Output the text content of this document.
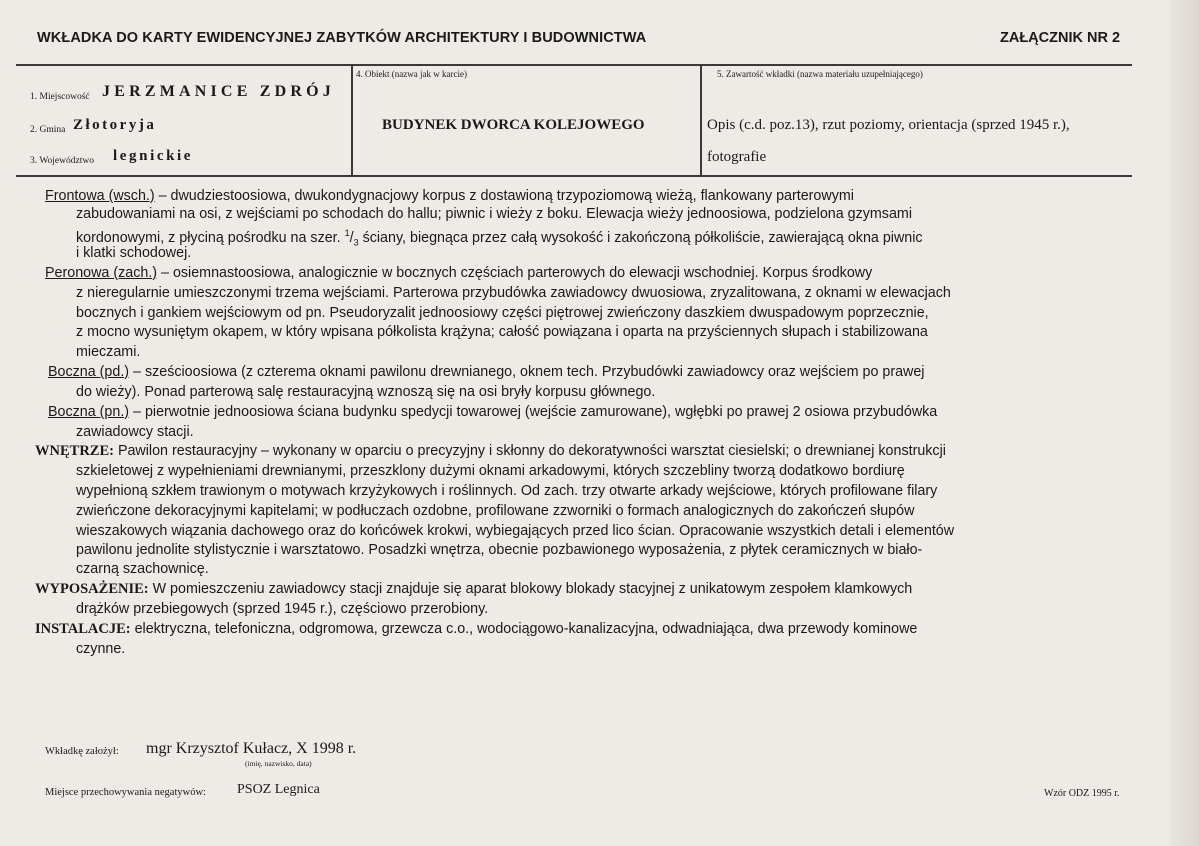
WKŁADKA DO KARTY EWIDENCYJNEJ ZABYTKÓW ARCHITEKTURY I BUDOWNICTWA	ZAŁĄCZNIK NR 2
1. Miejscowość JERZMANICE ZDRÓJ
2. Gmina Złotoryja
3. Województwo legnickie
4. Obiekt (nazwa jak w karcie)
BUDYNEK DWORCA KOLEJOWEGO
5. Zawartość wkładki (nazwa materiału uzupełniającego)
Opis (c.d. poz.13), rzut poziomy, orientacja (sprzed 1945 r.),
fotografie
Frontowa (wsch.) – dwudziestoosiowa, dwukondygnacjowy korpus z dostawioną trzypoziomową wieżą, flankowany parterowymi
zabudowaniami na osi, z wejściami po schodach do hallu; piwnic i wieży z boku. Elewacja wieży jednoosiowa, podzielona gzymsami
kordonowymi, z płyciną pośrodku na szer. $^1/_3$ ściany, biegnąca przez całą wysokość i zakończoną półkoliście, zawierającą okna piwnic
i klatki schodowej.
Peronowa (zach.) – osiemnastoosiowa, analogicznie w bocznych częściach parterowych do elewacji wschodniej. Korpus środkowy
z nieregularnie umieszczonymi trzema wejściami. Parterowa przybudówka zawiadowcy dwuosiowa, zryzalitowana, z oknami w elewacjach
bocznych i gankiem wejściowym od pn. Pseudoryzalit jednoosiowy części piętrowej zwieńczony daszkiem dwuspadowym poprzecznie,
z mocno wysuniętym okapem, w który wpisana półkolista krążyna; całość powiązana i oparta na przyściennych słupach i stabilizowana
mieczami.
Boczna (pd.) – sześcioosiowa (z czterema oknami pawilonu drewnianego, oknem tech. Przybudówki zawiadowcy oraz wejściem po prawej
do wieży). Ponad parterową salę restauracyjną wznoszą się na osi bryły korpusu głównego.
Boczna (pn.) – pierwotnie jednoosiowa ściana budynku spedycji towarowej (wejście zamurowane), wgłębki po prawej 2 osiowa przybudówka
zawiadowcy stacji.
WNĘTRZE: Pawilon restauracyjny – wykonany w oparciu o precyzyjny i skłonny do dekoratywności warsztat ciesielski; o drewnianej konstrukcji
szkieletowej z wypełnieniami drewnianymi, przeszklony dużymi oknami arkadowymi, których szczebliny tworzą dodatkowo bordiurę
wypełnioną szkłem trawionym o motywach krzyżykowych i roślinnych. Od zach. trzy otwarte arkady wejściowe, których profilowane filary
zwieńczone dekoracyjnymi kapitelami; w podłuczach ozdobne, profilowane zzworniki o formach analogicznych do zakończeń słupów
wieszakowych wiązania dachowego oraz do końcówek krokwi, wybiegających przed lico ścian. Opracowanie wszystkich detali i elementów
pawilonu jednolite stylistycznie i warsztatowo. Posadzki wnętrza, obecnie pozbawionego wyposażenia, z płytek ceramicznych w biało-
czarną szachownicę.
WYPOSAŻENIE: W pomieszczeniu zawiadowcy stacji znajduje się aparat blokowy blokady stacyjnej z unikatowym zespołem klamkowych
drążków przebiegowych (sprzed 1945 r.), częściowo przerobiony.
INSTALACJE: elektryczna, telefoniczna, odgromowa, grzewcza c.o., wodociągowo-kanalizacyjna, odwadniająca, dwa przewody kominowe
czynne.
Wkładkę założył: mgr Krzysztof Kułacz, X 1998 r.
(imię, nazwisko, data)
Miejsce przechowywania negatywów: PSOZ Legnica	Wzór ODZ 1995 r.
